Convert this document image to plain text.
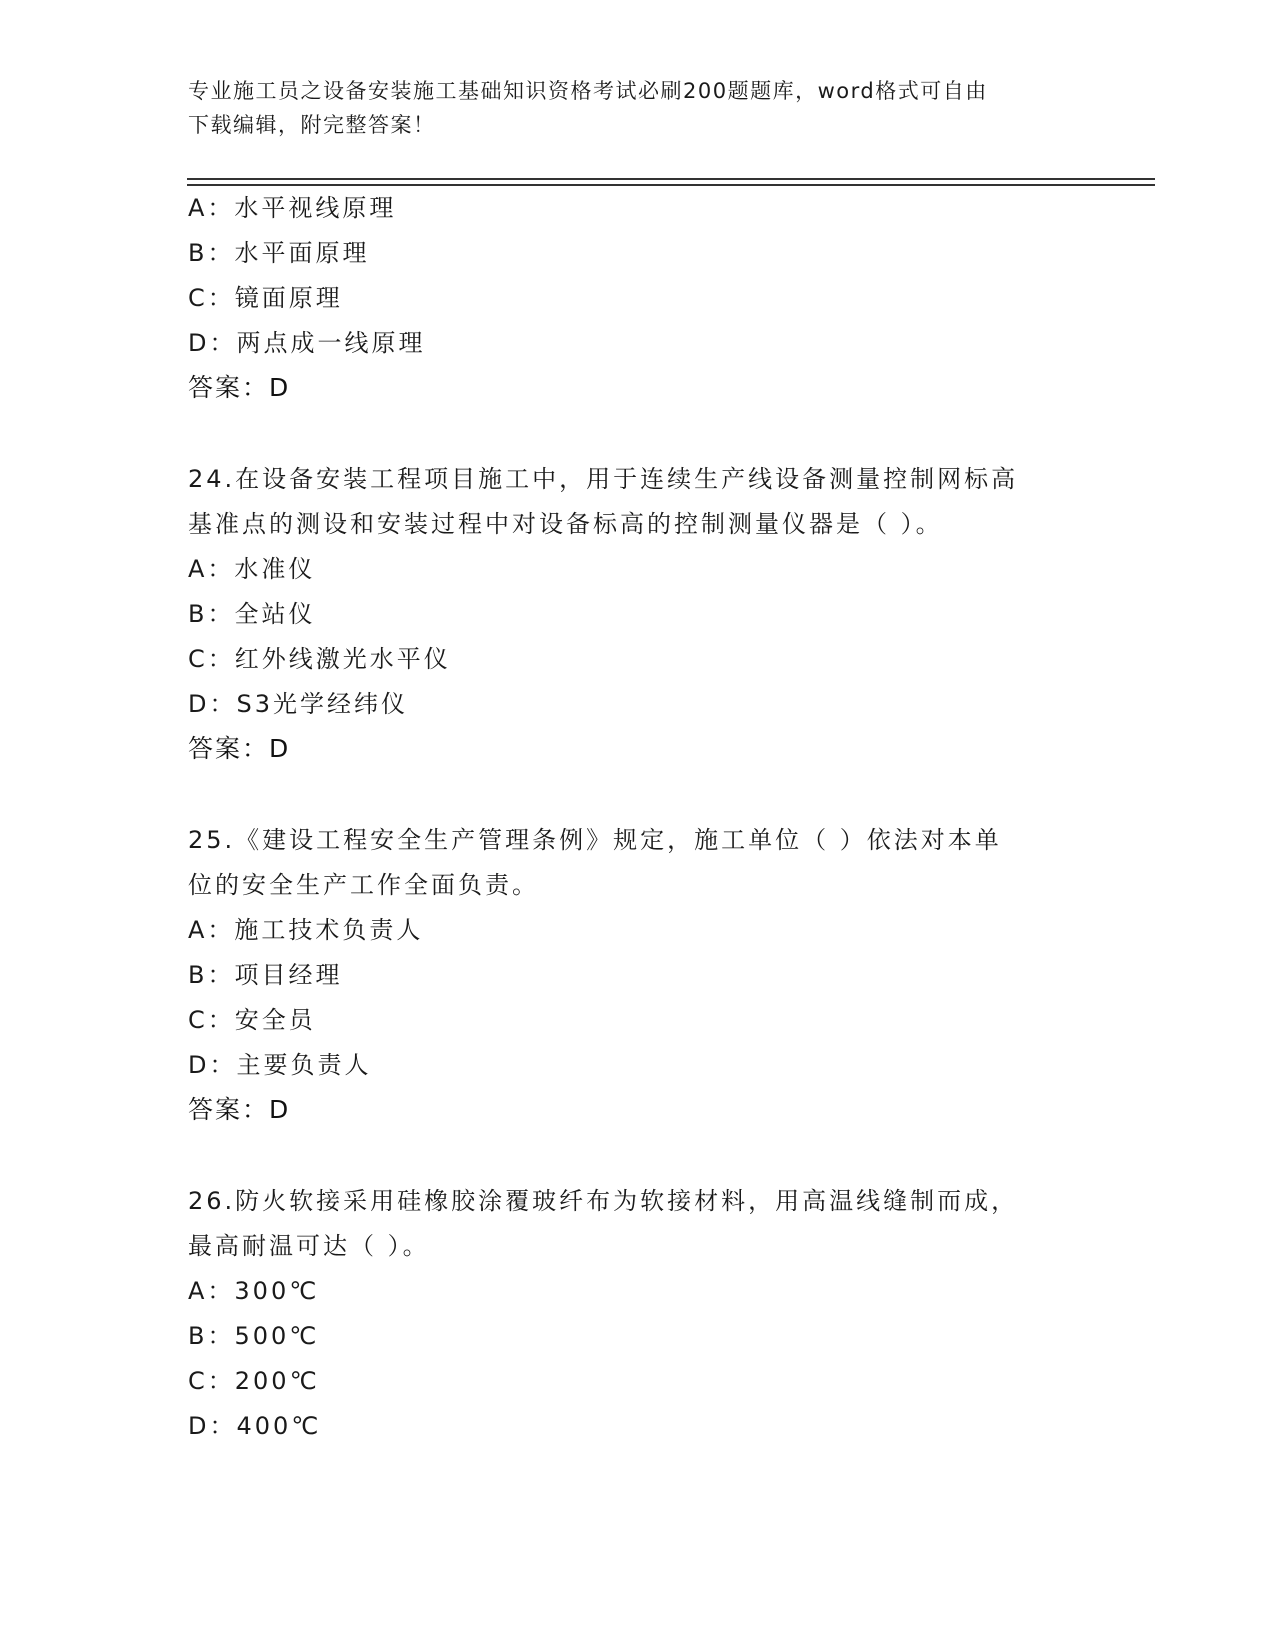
专业施工员之设备安装施工基础知识资格考试必刷200题题库，word格式可自由
下载编辑，附完整答案！
A：水平视线原理
B：水平面原理
C：镜面原理
D：两点成一线原理
答案：D
24.在设备安装工程项目施工中，用于连续生产线设备测量控制网标高
基准点的测设和安装过程中对设备标高的控制测量仪器是（ ）。
A：水准仪
B：全站仪
C：红外线激光水平仪
D：S3光学经纬仪
答案：D
25.《建设工程安全生产管理条例》规定，施工单位（ ）依法对本单
位的安全生产工作全面负责。
A：施工技术负责人
B：项目经理
C：安全员
D：主要负责人
答案：D
26.防火软接采用硅橡胶涂覆玻纤布为软接材料，用高温线缝制而成，
最高耐温可达（ ）。
A：300℃
B：500℃
C：200℃
D：400℃
